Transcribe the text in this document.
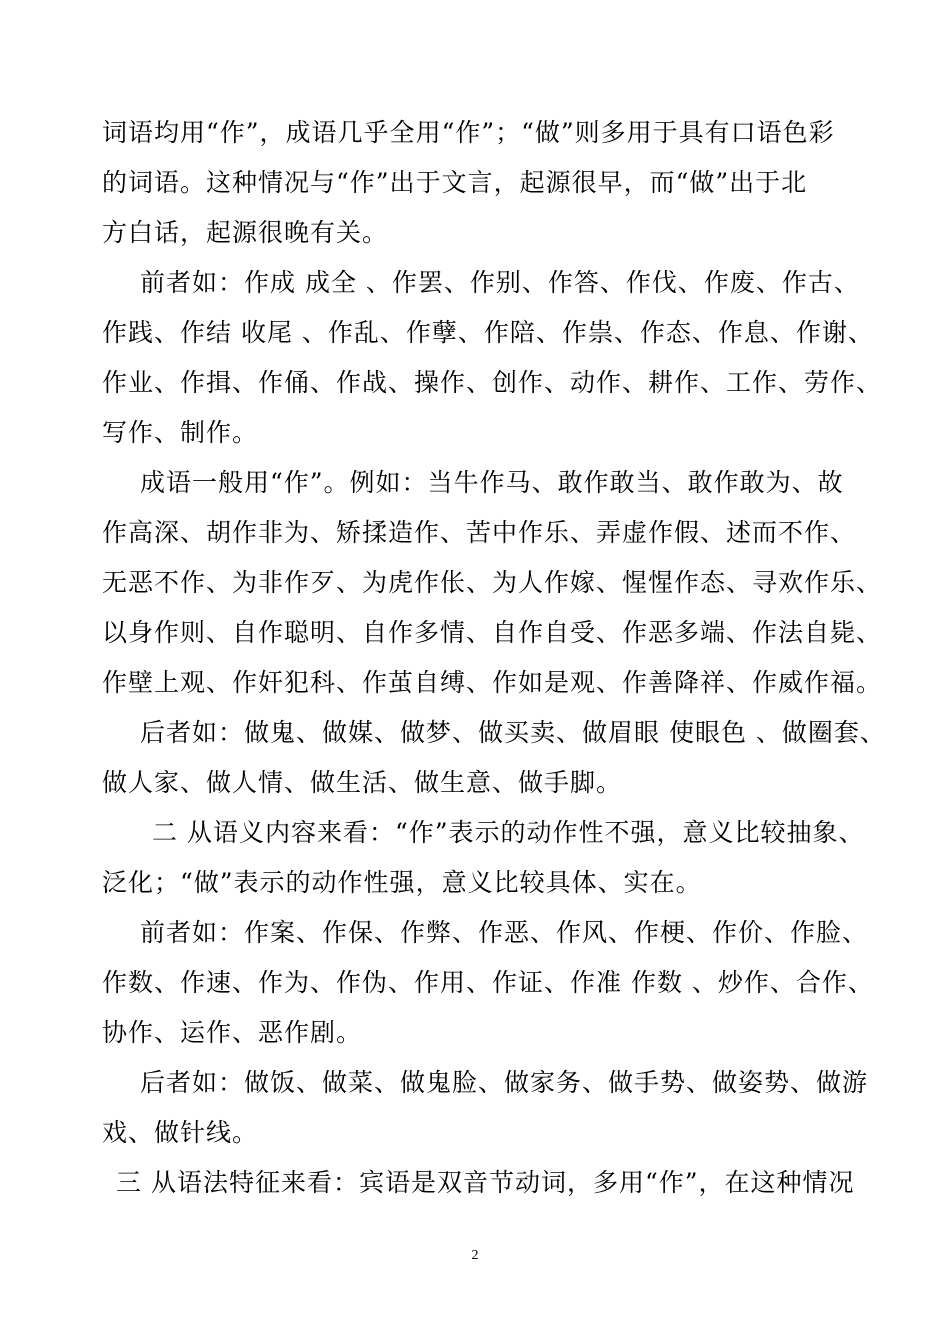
词语均用“作”，成语几乎全用“作”；“做”则多用于具有口语色彩
的词语。这种情况与“作”出于文言，起源很早，而“做”出于北
方白话，起源很晚有关。
前者如：作成 成全 、作罢、作别、作答、作伐、作废、作古、
作践、作结 收尾 、作乱、作孽、作陪、作祟、作态、作息、作谢、
作业、作揖、作俑、作战、操作、创作、动作、耕作、工作、劳作、
写作、制作。
成语一般用“作”。例如：当牛作马、敢作敢当、敢作敢为、故
作高深、胡作非为、矫揉造作、苦中作乐、弄虚作假、述而不作、
无恶不作、为非作歹、为虎作伥、为人作嫁、惺惺作态、寻欢作乐、
以身作则、自作聪明、自作多情、自作自受、作恶多端、作法自毙、
作壁上观、作奸犯科、作茧自缚、作如是观、作善降祥、作威作福。
后者如：做鬼、做媒、做梦、做买卖、做眉眼 使眼色 、做圈套、
做人家、做人情、做生活、做生意、做手脚。
二 从语义内容来看：“作”表示的动作性不强，意义比较抽象、
泛化；“做”表示的动作性强，意义比较具体、实在。
前者如：作案、作保、作弊、作恶、作风、作梗、作价、作脸、
作数、作速、作为、作伪、作用、作证、作准 作数 、炒作、合作、
协作、运作、恶作剧。
后者如：做饭、做菜、做鬼脸、做家务、做手势、做姿势、做游
戏、做针线。
三 从语法特征来看：宾语是双音节动词，多用“作”，在这种情况
2
